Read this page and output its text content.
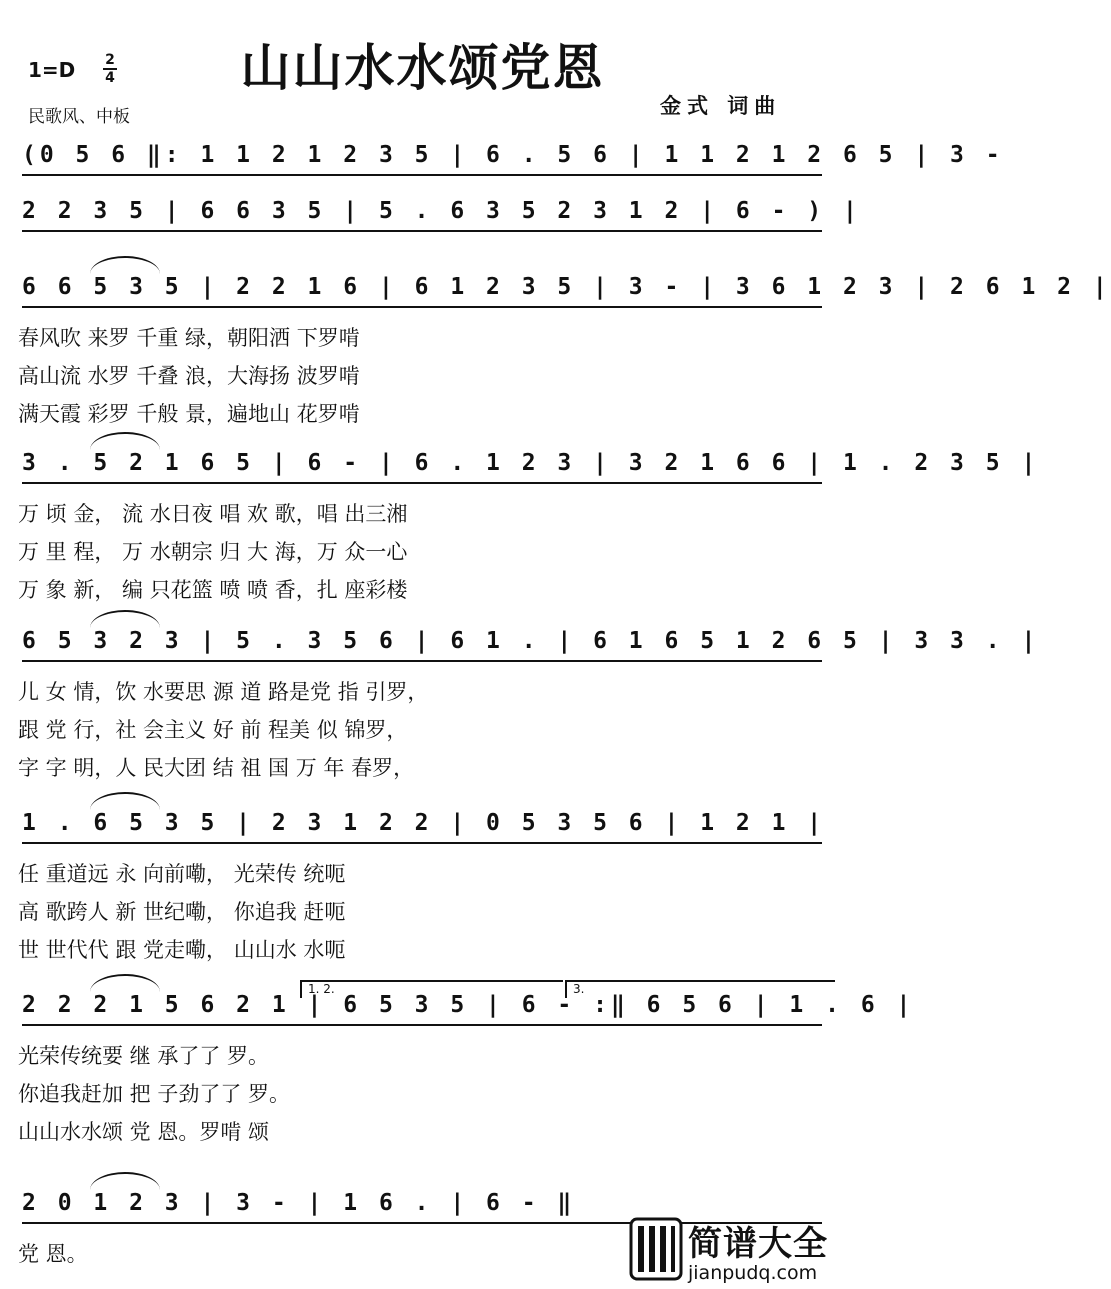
山山水水颂党恩
1=D 2
4
民歌风、中板	金式 词曲
(0 5 6 ‖: 1 1 2 1 2 3 5 | 6 . 5 6 | 1 1 2 1 2 6 5 | 3 -
2 2 3 5 | 6 6 3 5 | 5 . 6 3 5 2 3 1 2 | 6 - ) |
6 6 5 3 5 | 2 2 1 6 | 6 1 2 3 5 | 3 - | 3 6 1 2 3 | 2 6 1 2 |
春风吹 来罗 千重 绿，朝阳洒 下罗啃
高山流 水罗 千叠 浪，大海扬 波罗啃
满天霞 彩罗 千般 景，遍地山 花罗啃
3 . 5 2 1 6 5 | 6 - | 6 . 1 2 3 | 3 2 1 6 6 | 1 . 2 3 5 |
万 顷 金， 流 水日夜 唱 欢 歌，唱 出三湘
万 里 程， 万 水朝宗 归 大 海，万 众一心
万 象 新， 编 只花篮 喷 喷 香，扎 座彩楼
6 5 3 2 3 | 5 . 3 5 6 | 6 1 . | 6 1 6 5 1 2 6 5 | 3 3 . |
儿 女 情，饮 水要思 源 道 路是党 指 引罗，
跟 党 行，社 会主义 好 前 程美 似 锦罗，
字 字 明，人 民大团 结 祖 国 万 年 春罗，
1 . 6 5 3 5 | 2 3 1 2 2 | 0 5 3 5 6 | 1 2 1 |
任 重道远 永 向前嘞， 光荣传 统呃
高 歌跨人 新 世纪嘞， 你追我 赶呃
世 世代代 跟 党走嘞， 山山水 水呃
2 2 2 1 5 6 2 1 | 6 5 3 5 | 6 - :‖ 6 5 6 | 1 . 6 |
光荣传统要 继 承了了 罗。
你追我赶加 把 子劲了了 罗。
山山水水颂 党 恩。罗啃 颂
2 0 1 2 3 | 3 - | 1 6 . | 6 - ‖
党 恩。
1. 2.	3.
简谱大全
jianpudq.com
